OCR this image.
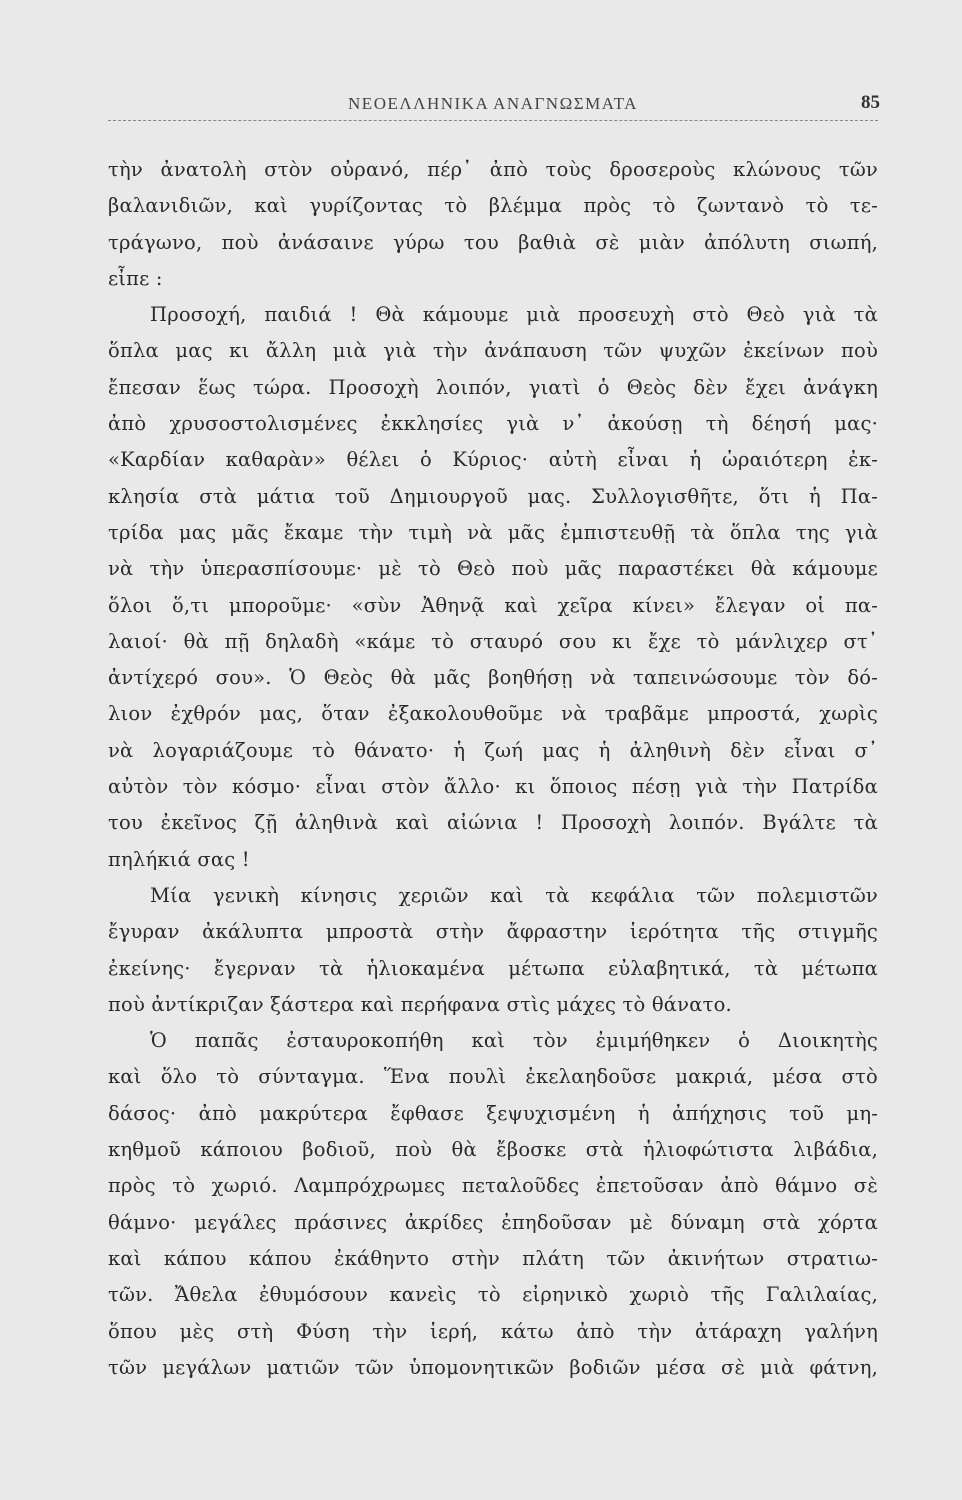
ΝΕΟΕΛΛΗΝΙΚΑ ΑΝΑΓΝΩΣΜΑΤΑ	85
τὴν ἀνατολὴ στὸν οὐρανό, πέρ᾿ ἀπὸ τοὺς δροσεροὺς κλώνους τῶν
βαλανιδιῶν, καὶ γυρίζοντας τὸ βλέμμα πρὸς τὸ ζωντανὸ τὸ τε-
τράγωνο, ποὺ ἀνάσαινε γύρω του βαθιὰ σὲ μιὰν ἀπόλυτη σιωπή,
εἶπε :
Προσοχή, παιδιά ! Θὰ κάμουμε μιὰ προσευχὴ στὸ Θεὸ γιὰ τὰ
ὅπλα μας κι ἄλλη μιὰ γιὰ τὴν ἀνάπαυση τῶν ψυχῶν ἐκείνων ποὺ
ἔπεσαν ἕως τώρα. Προσοχὴ λοιπόν, γιατὶ ὁ Θεὸς δὲν ἔχει ἀνάγκη
ἀπὸ χρυσοστολισμένες ἐκκλησίες γιὰ ν᾿ ἀκούσῃ τὴ δέησή μας·
«Καρδίαν καθαρὰν» θέλει ὁ Κύριος· αὐτὴ εἶναι ἡ ὡραιότερη ἐκ-
κλησία στὰ μάτια τοῦ Δημιουργοῦ μας. Συλλογισθῆτε, ὅτι ἡ Πα-
τρίδα μας μᾶς ἔκαμε τὴν τιμὴ νὰ μᾶς ἐμπιστευθῇ τὰ ὅπλα της γιὰ
νὰ τὴν ὑπερασπίσουμε· μὲ τὸ Θεὸ ποὺ μᾶς παραστέκει θὰ κάμουμε
ὅλοι ὅ,τι μποροῦμε· «σὺν Ἀθηνᾷ καὶ χεῖρα κίνει» ἔλεγαν οἱ πα-
λαιοί· θὰ πῇ δηλαδὴ «κάμε τὸ σταυρό σου κι ἔχε τὸ μάνλιχερ στ᾿
ἀντίχερό σου». Ὁ Θεὸς θὰ μᾶς βοηθήσῃ νὰ ταπεινώσουμε τὸν δό-
λιον ἐχθρόν μας, ὅταν ἐξακολουθοῦμε νὰ τραβᾶμε μπροστά, χωρὶς
νὰ λογαριάζουμε τὸ θάνατο· ἡ ζωή μας ἡ ἀληθινὴ δὲν εἶναι σ᾿
αὐτὸν τὸν κόσμο· εἶναι στὸν ἄλλο· κι ὅποιος πέσῃ γιὰ τὴν Πατρίδα
του ἐκεῖνος ζῇ ἀληθινὰ καὶ αἰώνια ! Προσοχὴ λοιπόν. Βγάλτε τὰ
πηλήκιά σας !
Μία γενικὴ κίνησις χεριῶν καὶ τὰ κεφάλια τῶν πολεμιστῶν
ἔγυραν ἀκάλυπτα μπροστὰ στὴν ἄφραστην ἱερότητα τῆς στιγμῆς
ἐκείνης· ἔγερναν τὰ ἡλιοκαμένα μέτωπα εὐλαβητικά, τὰ μέτωπα
ποὺ ἀντίκριζαν ξάστερα καὶ περήφανα στὶς μάχες τὸ θάνατο.
Ὁ παπᾶς ἐσταυροκοπήθη καὶ τὸν ἐμιμήθηκεν ὁ Διοικητὴς
καὶ ὅλο τὸ σύνταγμα. Ἕνα πουλὶ ἐκελαηδοῦσε μακριά, μέσα στὸ
δάσος· ἀπὸ μακρύτερα ἔφθασε ξεψυχισμένη ἡ ἀπήχησις τοῦ μη-
κηθμοῦ κάποιου βοδιοῦ, ποὺ θὰ ἔβοσκε στὰ ἡλιοφώτιστα λιβάδια,
πρὸς τὸ χωριό. Λαμπρόχρωμες πεταλοῦδες ἐπετοῦσαν ἀπὸ θάμνο σὲ
θάμνο· μεγάλες πράσινες ἀκρίδες ἐπηδοῦσαν μὲ δύναμη στὰ χόρτα
καὶ κάπου κάπου ἐκάθηντο στὴν πλάτη τῶν ἀκινήτων στρατιω-
τῶν. Ἄθελα ἐθυμόσουν κανεὶς τὸ εἰρηνικὸ χωριὸ τῆς Γαλιλαίας,
ὅπου μὲς στὴ Φύση τὴν ἱερή, κάτω ἀπὸ τὴν ἀτάραχη γαλήνη
τῶν μεγάλων ματιῶν τῶν ὑπομονητικῶν βοδιῶν μέσα σὲ μιὰ φάτνη,
